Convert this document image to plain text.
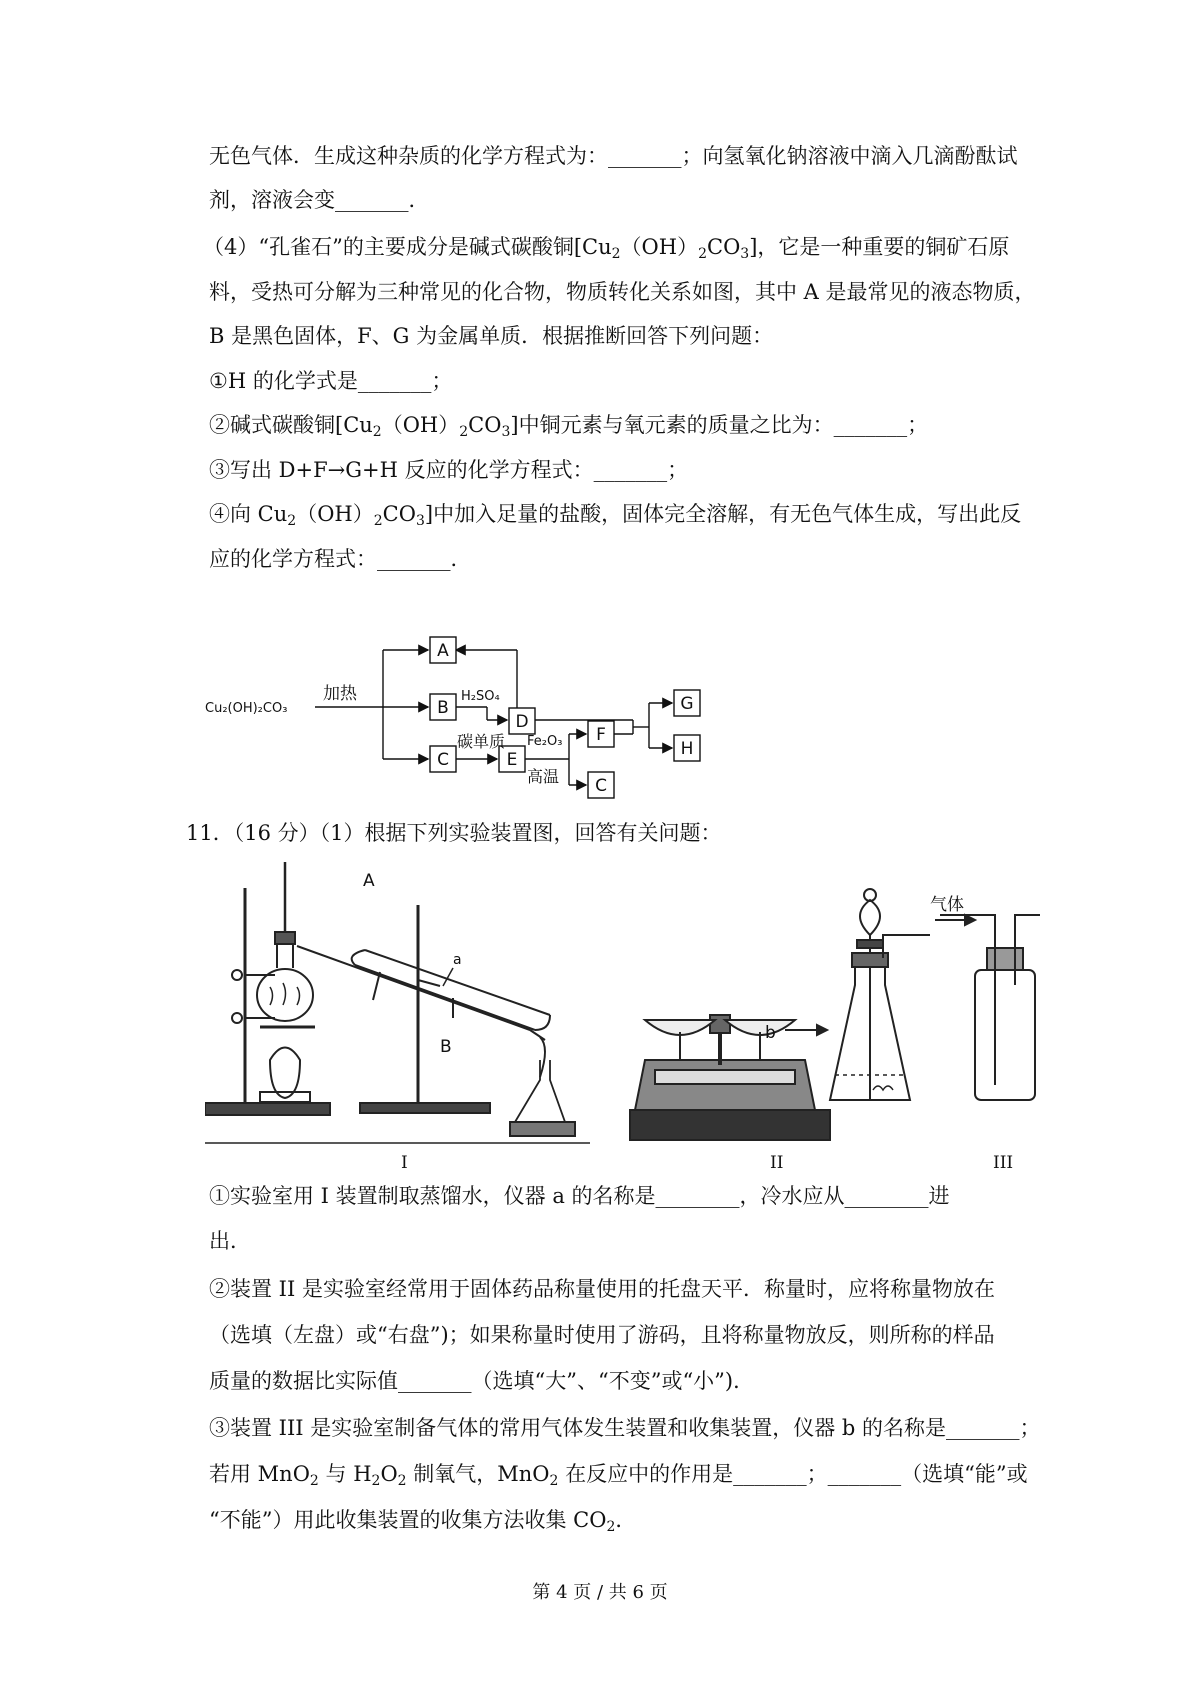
无色气体．生成这种杂质的化学方程式为：_______；向氢氧化钠溶液中滴入几滴酚酞试
剂，溶液会变_______．
（4）“孔雀石”的主要成分是碱式碳酸铜$[Cu_2(OH)_2CO_3]$，它是一种重要的铜矿石原
料，受热可分解为三种常见的化合物，物质转化关系如图，其中 A 是最常见的液态物质，
B 是黑色固体，F、G 为金属单质．根据推断回答下列问题：
①H 的化学式是_______；
②碱式碳酸铜$[Cu_2(OH)_2CO_3]$中铜元素与氧元素的质量之比为：_______；
③写出 D+F→G+H 反应的化学方程式：_______；
④向 $Cu_2(OH)_2CO_3$]中加入足量的盐酸，固体完全溶解，有无色气体生成，写出此反
应的化学方程式：_______．
A
B
C
D
E
F
C
G
H
Cu₂(OH)₂CO₃
加热	H₂SO₄
碳单质 Fe₂O₃
高温
11．（16 分）（1）根据下列实验装置图，回答有关问题：
A
a
B
b
气体
I	II	III
①实验室用 I 装置制取蒸馏水，仪器 a 的名称是________，冷水应从________进
出．
②装置 II 是实验室经常用于固体药品称量使用的托盘天平．称量时，应将称量物放在
（选填（左盘）或“右盘”)；如果称量时使用了游码，且将称量物放反，则所称的样品
质量的数据比实际值_______（选填“大”、“不变”或“小”)．
③装置 III 是实验室制备气体的常用气体发生装置和收集装置，仪器 b 的名称是_______；
若用 MnO$_2$ 与 $H_2O_2$ 制氧气，MnO$_2$ 在反应中的作用是_______；_______（选填“能”或
“不能”）用此收集装置的收集方法收集 $CO_2$．
第 4 页 / 共 6 页
